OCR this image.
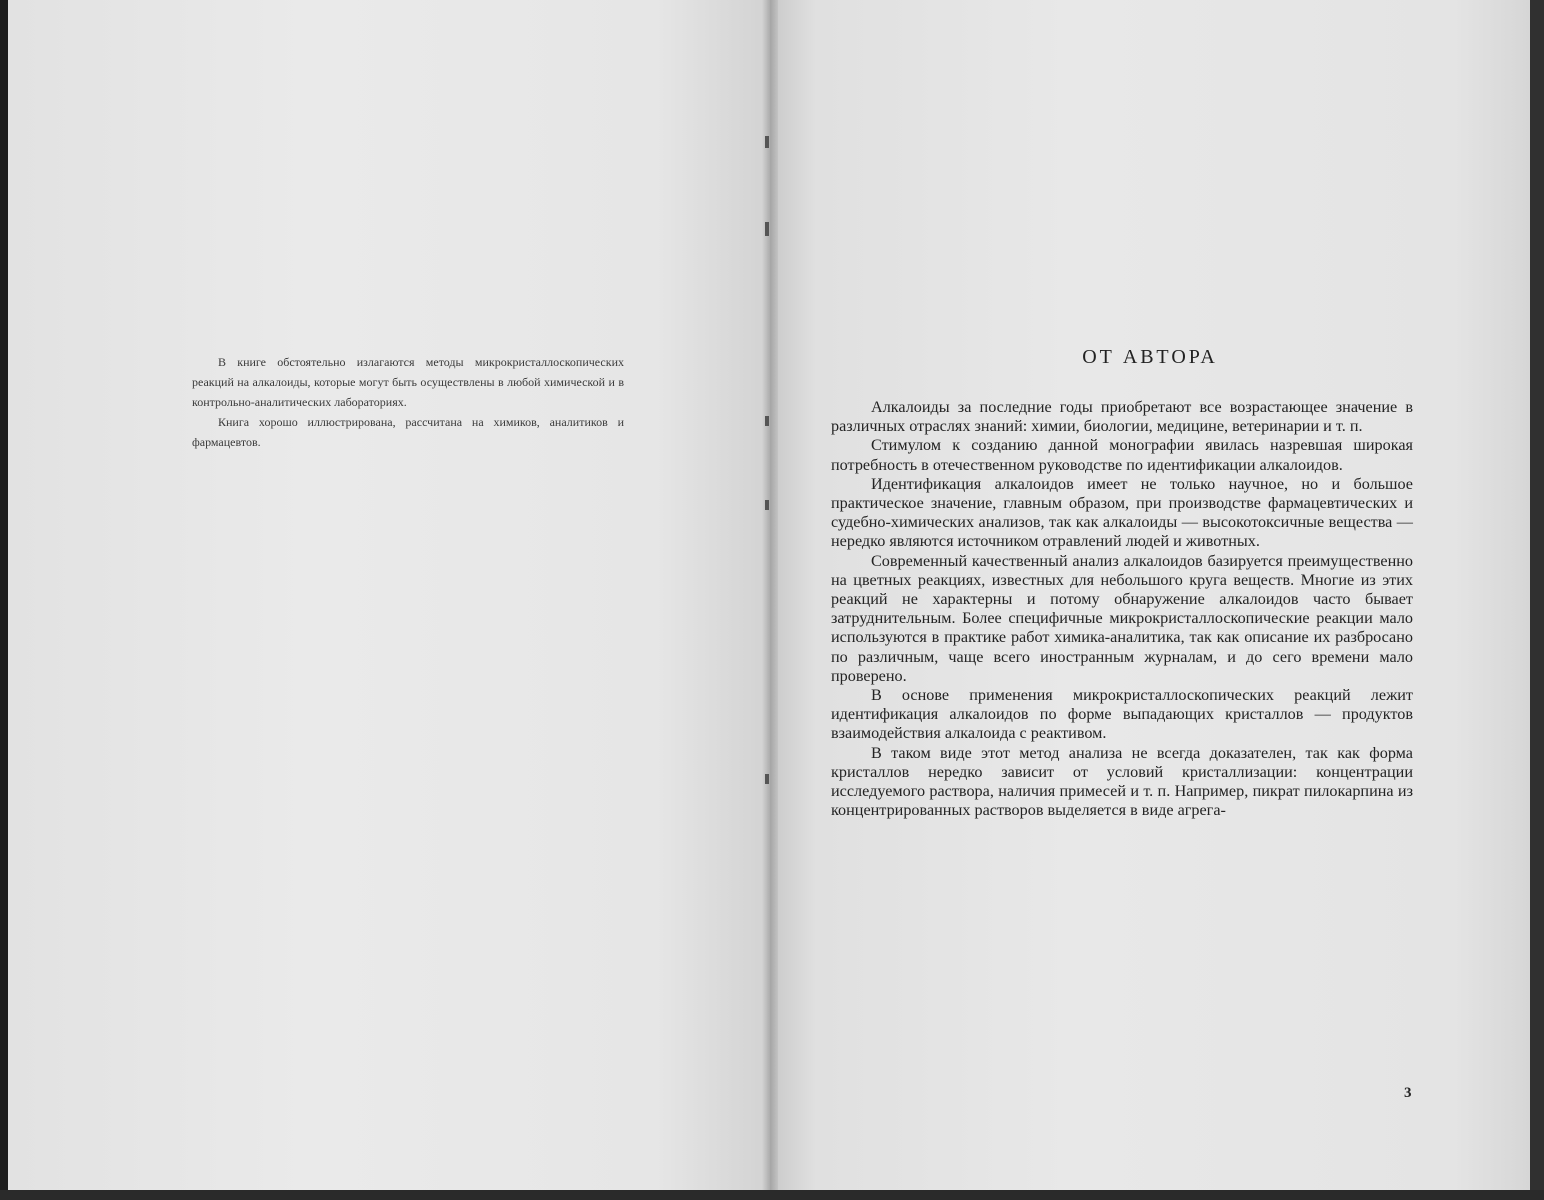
В книге обстоятельно излагаются методы микрокристаллоскопических реакций на алкалоиды, которые могут быть осуществлены в любой химической и в контрольно-аналитических лабораториях.

Книга хорошо иллюстрирована, рассчитана на химиков, аналитиков и фармацевтов.

ОТ АВТОРА

Алкалоиды за последние годы приобретают все возрастающее значение в различных отраслях знаний: химии, биологии, медицине, ветеринарии и т. п.

Стимулом к созданию данной монографии явилась назревшая широкая потребность в отечественном руководстве по идентификации алкалоидов.

Идентификация алкалоидов имеет не только научное, но и большое практическое значение, главным образом, при производстве фармацевтических и судебно-химических анализов, так как алкалоиды — высокотоксичные вещества — нередко являются источником отравлений людей и животных.

Современный качественный анализ алкалоидов базируется преимущественно на цветных реакциях, известных для небольшого круга веществ. Многие из этих реакций не характерны и потому обнаружение алкалоидов часто бывает затруднительным. Более специфичные микрокристаллоскопические реакции мало используются в практике работ химика-аналитика, так как описание их разбросано по различным, чаще всего иностранным журналам, и до сего времени мало проверено.

В основе применения микрокристаллоскопических реакций лежит идентификация алкалоидов по форме выпадающих кристаллов — продуктов взаимодействия алкалоида с реактивом.

В таком виде этот метод анализа не всегда доказателен, так как форма кристаллов нередко зависит от условий кристаллизации: концентрации исследуемого раствора, наличия примесей и т. п. Например, пикрат пилокарпина из концентрированных растворов выделяется в виде агрега-

3
